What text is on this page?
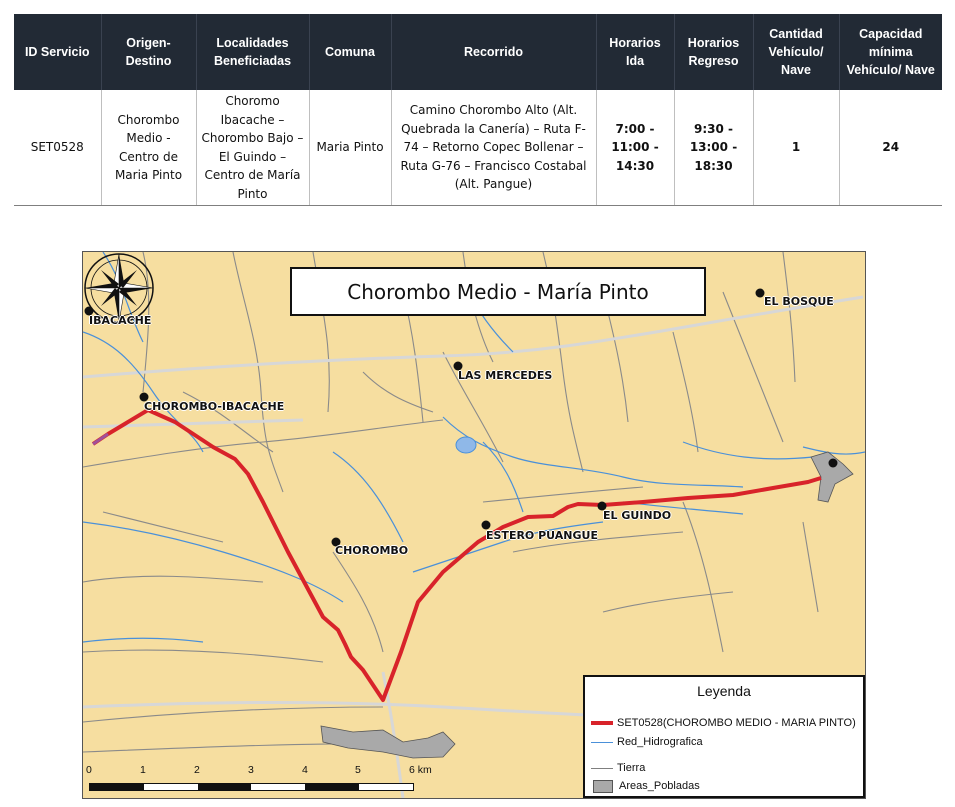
ID Servicio	Origen-Destino	Localidades Beneficiadas	Comuna	Recorrido	Horarios Ida	Horarios Regreso	Cantidad Vehículo/ Nave	Capacidad mínima Vehículo/ Nave
SET0528	Chorombo Medio - Centro de Maria Pinto	Choromo Ibacache – Chorombo Bajo – El Guindo – Centro de María Pinto	Maria Pinto	Camino Chorombo Alto (Alt. Quebrada la Canería) – Ruta F-74 – Retorno Copec Bollenar – Ruta G-76 – Francisco Costabal (Alt. Pangue)	7:00 - 11:00 - 14:30	9:30 - 13:00 - 18:30	1	24
Chorombo Medio - María Pinto
IBACACHE
EL BOSQUE
LAS MERCEDES
CHOROMBO-IBACACHE
EL GUINDO
ESTERO PUANGUE
CHOROMBO
0	1	2	3	4	5	6 km
Leyenda
SET0528(CHOROMBO MEDIO - MARIA PINTO)
Red_Hidrografica
Tierra
Areas_Pobladas
